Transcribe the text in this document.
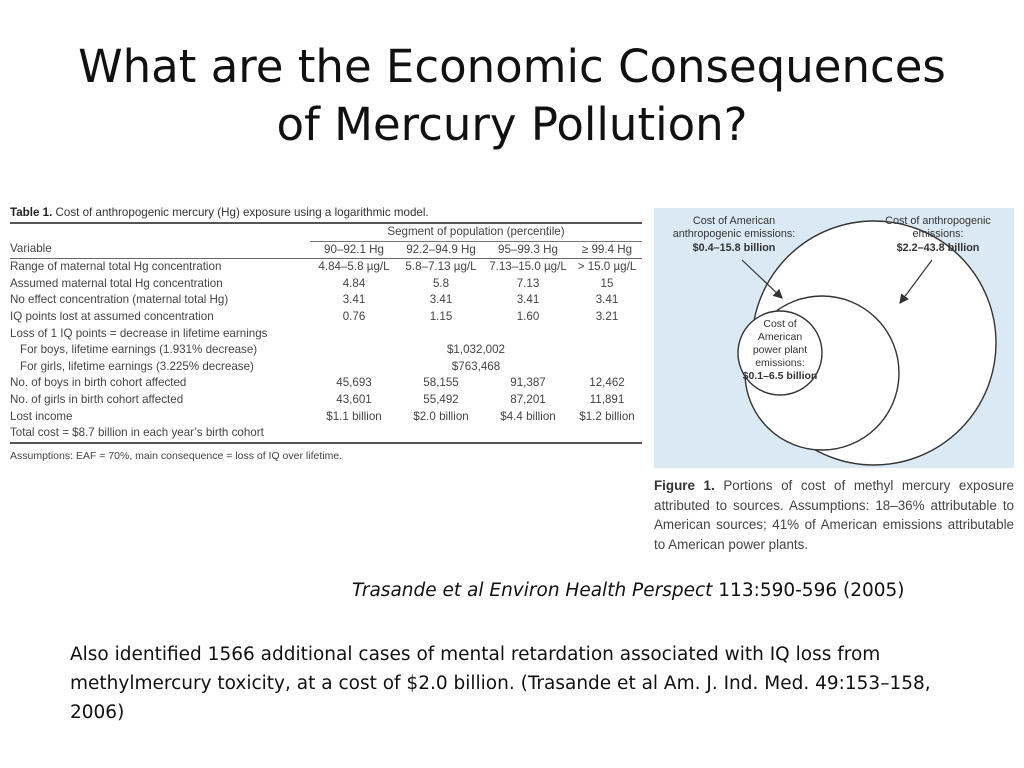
What are the Economic Consequences
of Mercury Pollution?
Table 1. Cost of anthropogenic mercury (Hg) exposure using a logarithmic model.
	Segment of population (percentile)			
Variable	90–92.1 Hg	92.2–94.9 Hg	95–99.3 Hg	≥ 99.4 Hg
Range of maternal total Hg concentration	4.84–5.8 µg/L	5.8–7.13 µg/L	7.13–15.0 µg/L	> 15.0 µg/L
Assumed maternal total Hg concentration	4.84	5.8	7.13	15
No effect concentration (maternal total Hg)	3.41	3.41	3.41	3.41
IQ points lost at assumed concentration	0.76	1.15	1.60	3.21
Loss of 1 IQ points = decrease in lifetime earnings				
For boys, lifetime earnings (1.931% decrease)	$1,032,002			
For girls, lifetime earnings (3.225% decrease)	$763,468			
No. of boys in birth cohort affected	45,693	58,155	91,387	12,462
No. of girls in birth cohort affected	43,601	55,492	87,201	11,891
Lost income	$1.1 billion	$2.0 billion	$4.4 billion	$1.2 billion
Total cost = $8.7 billion in each year’s birth cohort				
Assumptions: EAF = 70%, main consequence = loss of IQ over lifetime.
Cost of American
anthropogenic emissions:
$0.4–15.8 billion
Cost of anthropogenic
emissions:
$2.2–43.8 billion
Cost of
American
power plant
emissions:
$0.1–6.5 billion
Figure 1. Portions of cost of methyl mercury exposure attributed to sources. Assumptions: 18–36% attributable to American sources; 41% of American emissions attributable to American power plants.
Trasande et al Environ Health Perspect 113:590-596 (2005)
Also identified 1566 additional cases of mental retardation associated with IQ loss from methylmercury toxicity, at a cost of $2.0 billion. (Trasande et al Am. J. Ind. Med. 49:153–158, 2006)
